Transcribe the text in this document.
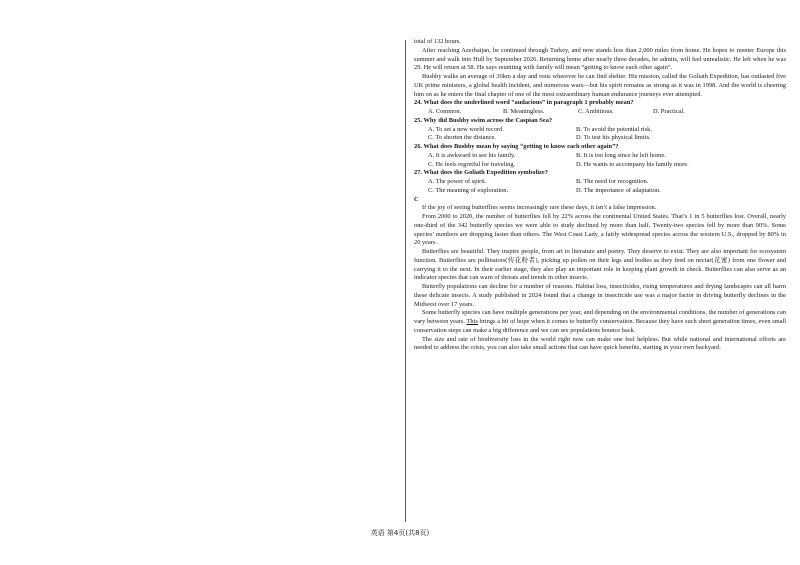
total of 132 hours.

After reaching Azerbaijan, he continued through Turkey, and now stands less than 2,000 miles from home. He hopes to reenter Europe this summer and walk into Hull by September 2026. Returning home after nearly three decades, he admits, will feel unrealistic. He left when he was 29. He will return at 58. He says reuniting with family will mean “getting to know each other again”.

Bushby walks an average of 30km a day and rests wherever he can find shelter. His mission, called the Goliath Expedition, has outlasted five UK prime ministers, a global health incident, and numerous wars—but his spirit remains as strong as it was in 1998. And the world is cheering him on as he enters the final chapter of one of the most extraordinary human endurance journeys ever attempted.

24. What does the underlined word “audacious” in paragraph 1 probably mean?

A. Common.	B. Meaningless.	C. Ambitious.	D. Practical.

25. Why did Bushby swim across the Caspian Sea?

A. To set a new world record.	B. To avoid the potential risk.
C. To shorten the distance.	D. To test his physical limits.

26. What does Bushby mean by saying “getting to know each other again”?

A. It is awkward to see his family.	B. It is too long since he left home.
C. He feels regretful for traveling.	D. He wants to accompany his family more.

27. What does the Goliath Expedition symbolize?

A. The power of spirit.	B. The need for recognition.
C. The meaning of exploration.	D. The importance of adaptation.

C

If the joy of seeing butterflies seems increasingly rare these days, it isn’t a false impression.

From 2000 to 2020, the number of butterflies fell by 22% across the continental United States. That’s 1 in 5 butterflies lost. Overall, nearly one-third of the 342 butterfly species we were able to study declined by more than half. Twenty-two species fell by more than 90%. Some species’ numbers are dropping faster than others. The West Coast Lady, a fairly widespread species across the western U.S., dropped by 80% in 20 years.

Butterflies are beautiful. They inspire people, from art to literature and poetry. They deserve to exist. They are also important for ecosystem function. Butterflies are pollinators(传花粉者), picking up pollen on their legs and bodies as they feed on nectar(花蜜) from one flower and carrying it to the next. In their earlier stage, they also play an important role in keeping plant growth in check. Butterflies can also serve as an indicator species that can warn of threats and trends in other insects.

Butterfly populations can decline for a number of reasons. Habitat loss, insecticides, rising temperatures and drying landscapes can all harm these delicate insects. A study published in 2024 found that a change in insecticide use was a major factor in driving butterfly declines in the Midwest over 17 years.

Some butterfly species can have multiple generations per year, and depending on the environmental conditions, the number of generations can vary between years. This brings a bit of hope when it comes to butterfly conservation. Because they have such short generation times, even small conservation steps can make a big difference and we can see populations bounce back.

The size and rate of biodiversity loss in the world right now can make one feel helpless. But while national and international efforts are needed to address the crisis, you can also take small actions that can have quick benefits, starting in your own backyard.

英语 第4页(共8页)
